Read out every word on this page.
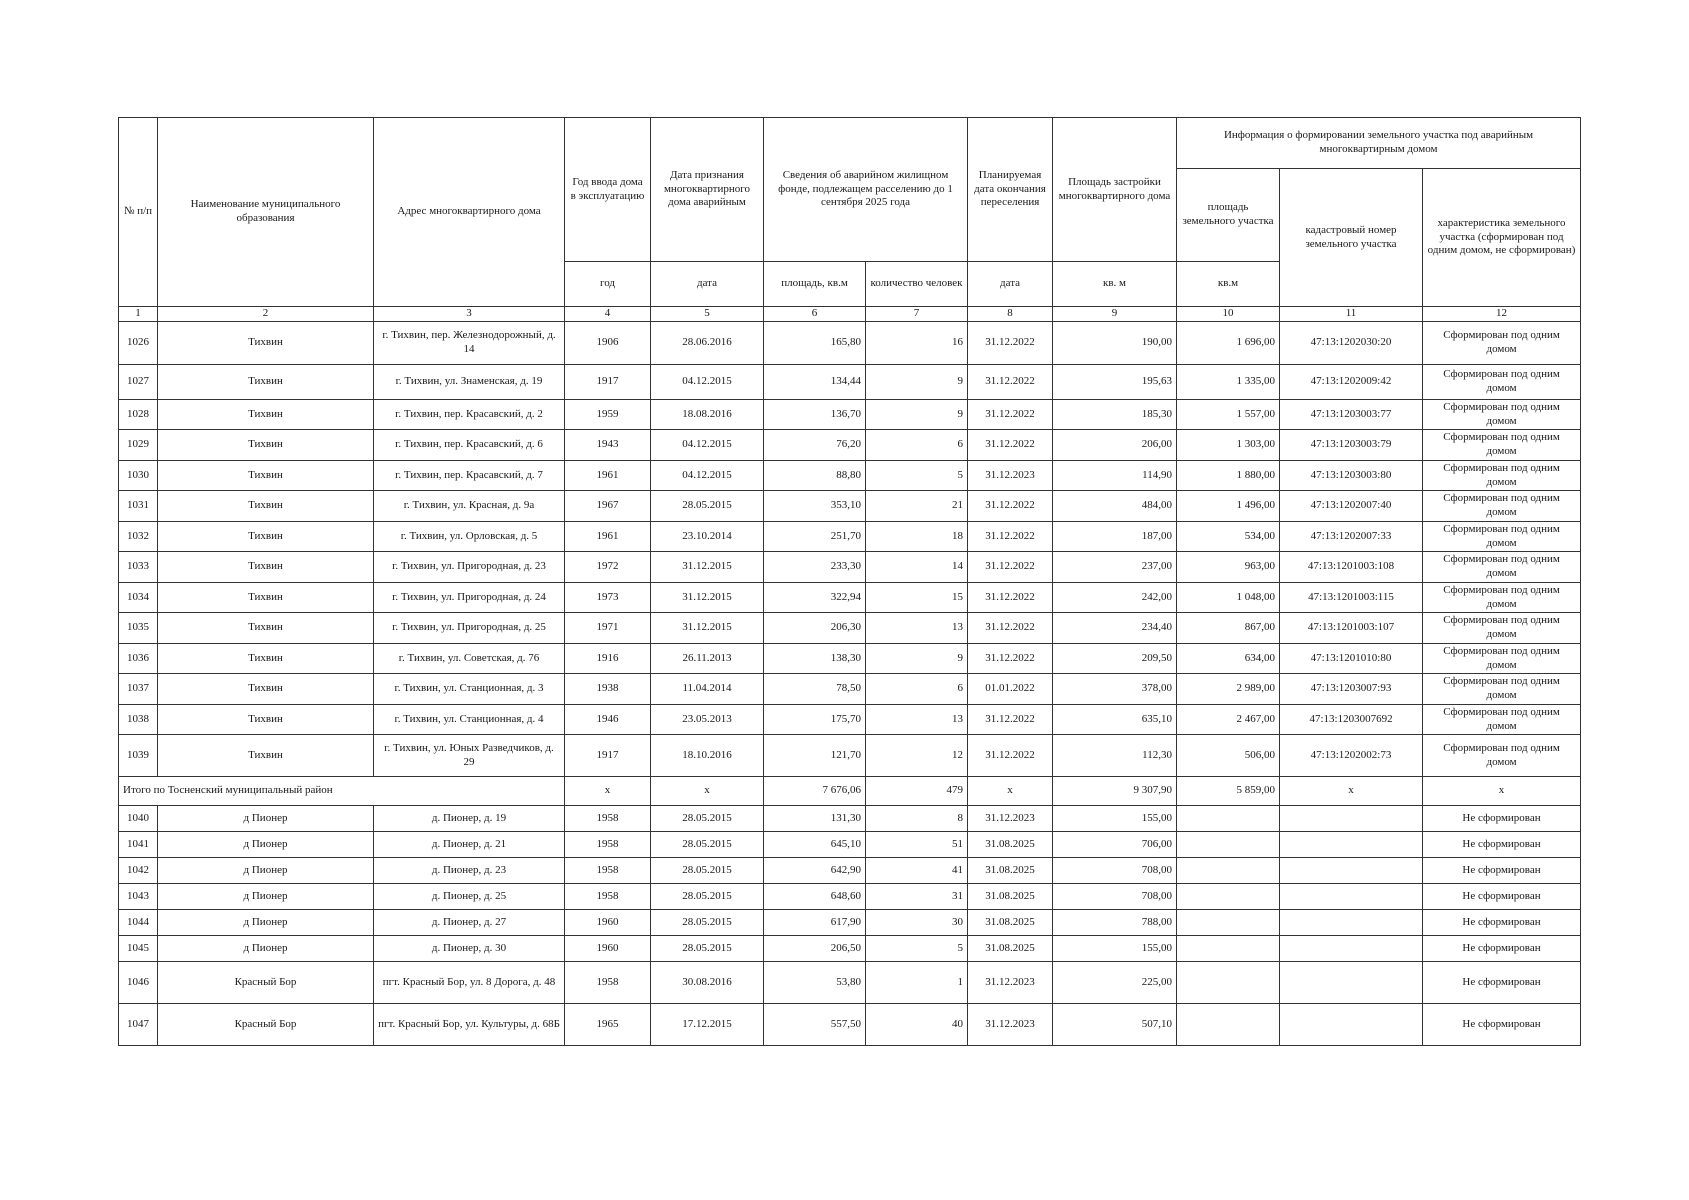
№ п/п	Наименование муниципального образования	Адрес многоквартирного дома	Год ввода дома в эксплуатацию	Дата признания многоквартирного дома аварийным	Сведения об аварийном жилищном фонде, подлежащем расселению до 1 сентября 2025 года		Планируемая дата окончания переселения	Площадь застройки многоквартирного дома	Информация о формировании земельного участка под аварийным многоквартирным домом		
									площадь земельного участка	кадастровый номер земельного участка	характеристика земельного участка (сформирован под одним домом, не сформирован)
			год	дата	площадь, кв.м	количество человек	дата	кв. м	кв.м		
1	2	3	4	5	6	7	8	9	10	11	12
1026	Тихвин	г. Тихвин, пер. Железнодорожный, д. 14	1906	28.06.2016	165,80	16	31.12.2022	190,00	1 696,00	47:13:1202030:20	Сформирован под одним домом
1027	Тихвин	г. Тихвин, ул. Знаменская, д. 19	1917	04.12.2015	134,44	9	31.12.2022	195,63	1 335,00	47:13:1202009:42	Сформирован под одним домом
1028	Тихвин	г. Тихвин, пер. Красавский, д. 2	1959	18.08.2016	136,70	9	31.12.2022	185,30	1 557,00	47:13:1203003:77	Сформирован под одним домом
1029	Тихвин	г. Тихвин, пер. Красавский, д. 6	1943	04.12.2015	76,20	6	31.12.2022	206,00	1 303,00	47:13:1203003:79	Сформирован под одним домом
1030	Тихвин	г. Тихвин, пер. Красавский, д. 7	1961	04.12.2015	88,80	5	31.12.2023	114,90	1 880,00	47:13:1203003:80	Сформирован под одним домом
1031	Тихвин	г. Тихвин, ул. Красная, д. 9а	1967	28.05.2015	353,10	21	31.12.2022	484,00	1 496,00	47:13:1202007:40	Сформирован под одним домом
1032	Тихвин	г. Тихвин, ул. Орловская, д. 5	1961	23.10.2014	251,70	18	31.12.2022	187,00	534,00	47:13:1202007:33	Сформирован под одним домом
1033	Тихвин	г. Тихвин, ул. Пригородная, д. 23	1972	31.12.2015	233,30	14	31.12.2022	237,00	963,00	47:13:1201003:108	Сформирован под одним домом
1034	Тихвин	г. Тихвин, ул. Пригородная, д. 24	1973	31.12.2015	322,94	15	31.12.2022	242,00	1 048,00	47:13:1201003:115	Сформирован под одним домом
1035	Тихвин	г. Тихвин, ул. Пригородная, д. 25	1971	31.12.2015	206,30	13	31.12.2022	234,40	867,00	47:13:1201003:107	Сформирован под одним домом
1036	Тихвин	г. Тихвин, ул. Советская, д. 76	1916	26.11.2013	138,30	9	31.12.2022	209,50	634,00	47:13:1201010:80	Сформирован под одним домом
1037	Тихвин	г. Тихвин, ул. Станционная, д. 3	1938	11.04.2014	78,50	6	01.01.2022	378,00	2 989,00	47:13:1203007:93	Сформирован под одним домом
1038	Тихвин	г. Тихвин, ул. Станционная, д. 4	1946	23.05.2013	175,70	13	31.12.2022	635,10	2 467,00	47:13:1203007692	Сформирован под одним домом
1039	Тихвин	г. Тихвин, ул. Юных Разведчиков, д. 29	1917	18.10.2016	121,70	12	31.12.2022	112,30	506,00	47:13:1202002:73	Сформирован под одним домом
Итого по Тосненский муниципальный район			x	x	7 676,06	479	x	9 307,90	5 859,00	x	x
1040	д Пионер	д. Пионер, д. 19	1958	28.05.2015	131,30	8	31.12.2023	155,00			Не сформирован
1041	д Пионер	д. Пионер, д. 21	1958	28.05.2015	645,10	51	31.08.2025	706,00			Не сформирован
1042	д Пионер	д. Пионер, д. 23	1958	28.05.2015	642,90	41	31.08.2025	708,00			Не сформирован
1043	д Пионер	д. Пионер, д. 25	1958	28.05.2015	648,60	31	31.08.2025	708,00			Не сформирован
1044	д Пионер	д. Пионер, д. 27	1960	28.05.2015	617,90	30	31.08.2025	788,00			Не сформирован
1045	д Пионер	д. Пионер, д. 30	1960	28.05.2015	206,50	5	31.08.2025	155,00			Не сформирован
1046	Красный Бор	пгт. Красный Бор, ул. 8 Дорога, д. 48	1958	30.08.2016	53,80	1	31.12.2023	225,00			Не сформирован
1047	Красный Бор	пгт. Красный Бор, ул. Культуры, д. 68Б	1965	17.12.2015	557,50	40	31.12.2023	507,10			Не сформирован
